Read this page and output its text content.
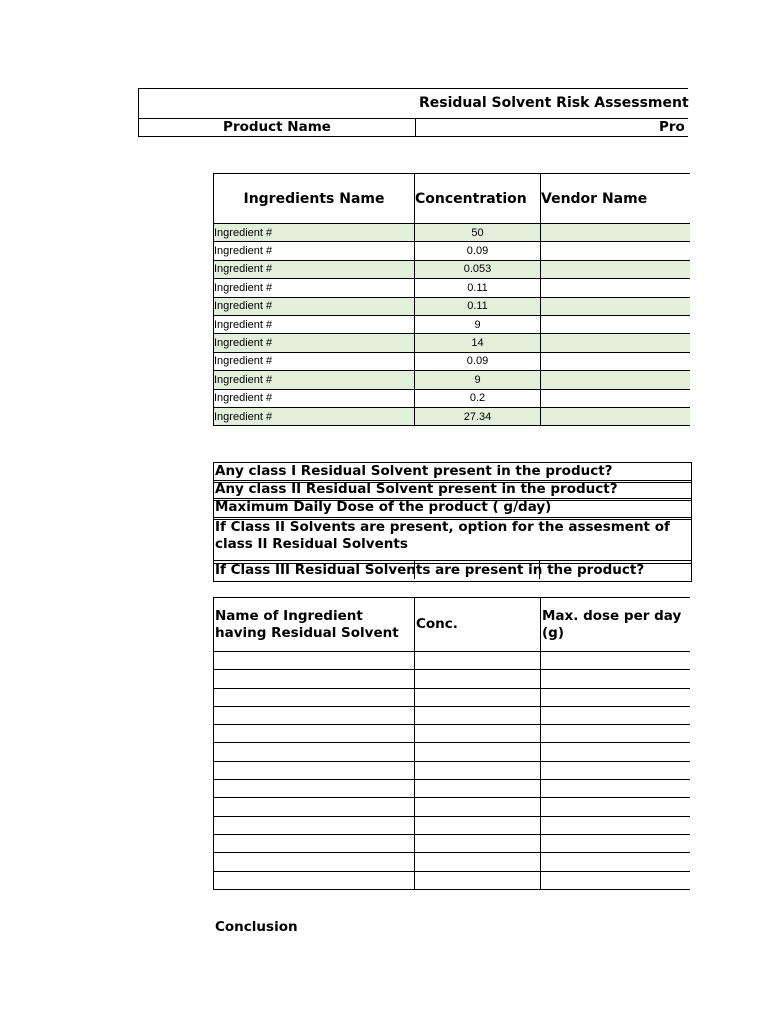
Residual Solvent Risk Assessment
Product Name	Pro
Ingredients Name	Concentration	Vendor Name
Ingredient #	50	
Ingredient #	0.09	
Ingredient #	0.053	
Ingredient #	0.11	
Ingredient #	0.11	
Ingredient #	9	
Ingredient #	14	
Ingredient #	0.09	
Ingredient #	9	
Ingredient #	0.2	
Ingredient #	27.34	
Any class I Residual Solvent present in the product?
Any class II Residual Solvent present in the product?
Maximum Daily Dose of the product ( g/day)
If Class II Solvents are present, option for the assesment of class II Residual Solvents
If Class III Residual Solvents are present in the product?
Name of Ingredient having Residual Solvent	Conc.	Max. dose per day (g)

Conclusion
